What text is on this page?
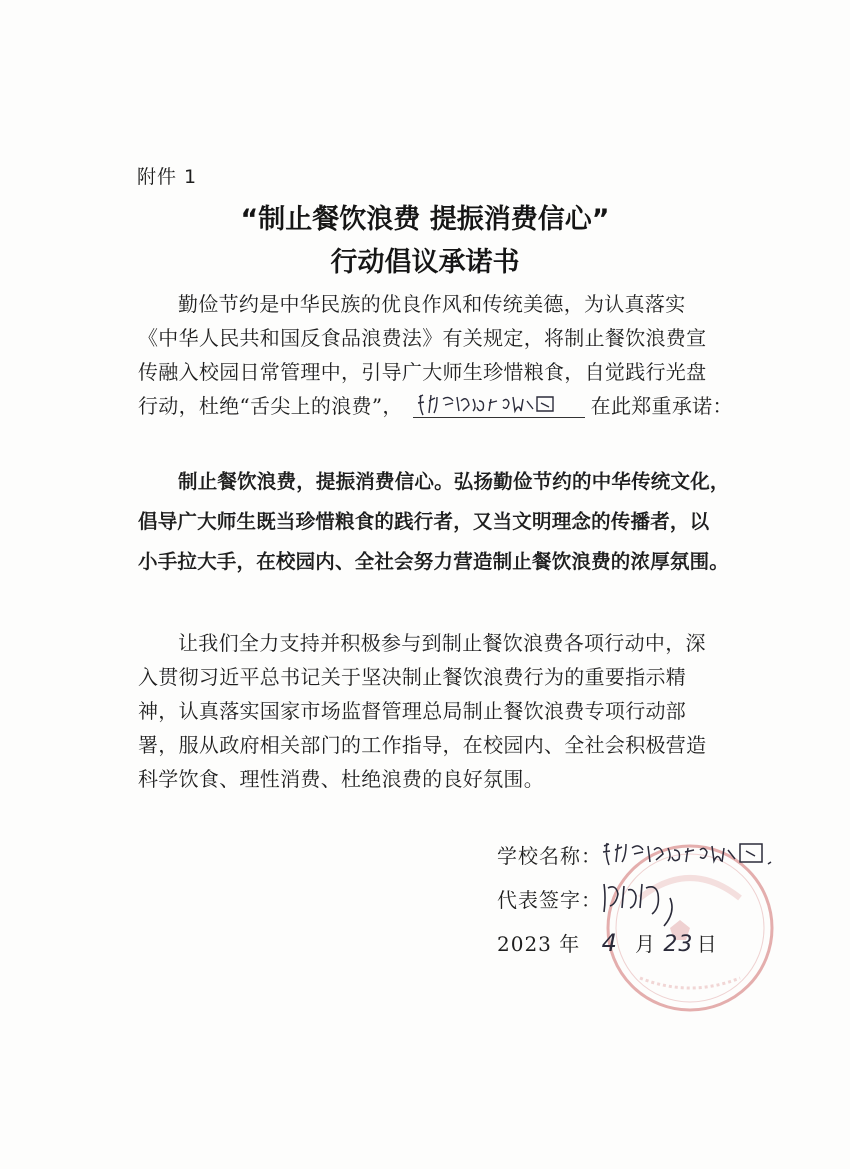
附件 1
“制止餐饮浪费 提振消费信心”
行动倡议承诺书
勤俭节约是中华民族的优良作风和传统美德，为认真落实
《中华人民共和国反食品浪费法》有关规定，将制止餐饮浪费宣
传融入校园日常管理中，引导广大师生珍惜粮食，自觉践行光盘
行动，杜绝“舌尖上的浪费”，	在此郑重承诺：
制止餐饮浪费，提振消费信心。弘扬勤俭节约的中华传统文化，
倡导广大师生既当珍惜粮食的践行者，又当文明理念的传播者，以
小手拉大手，在校园内、全社会努力营造制止餐饮浪费的浓厚氛围。
让我们全力支持并积极参与到制止餐饮浪费各项行动中，深
入贯彻习近平总书记关于坚决制止餐饮浪费行为的重要指示精
神，认真落实国家市场监督管理总局制止餐饮浪费专项行动部
署，服从政府相关部门的工作指导，在校园内、全社会积极营造
科学饮食、理性消费、杜绝浪费的良好氛围。
学校名称：
代表签字：
2023 年 4 月 23 日
